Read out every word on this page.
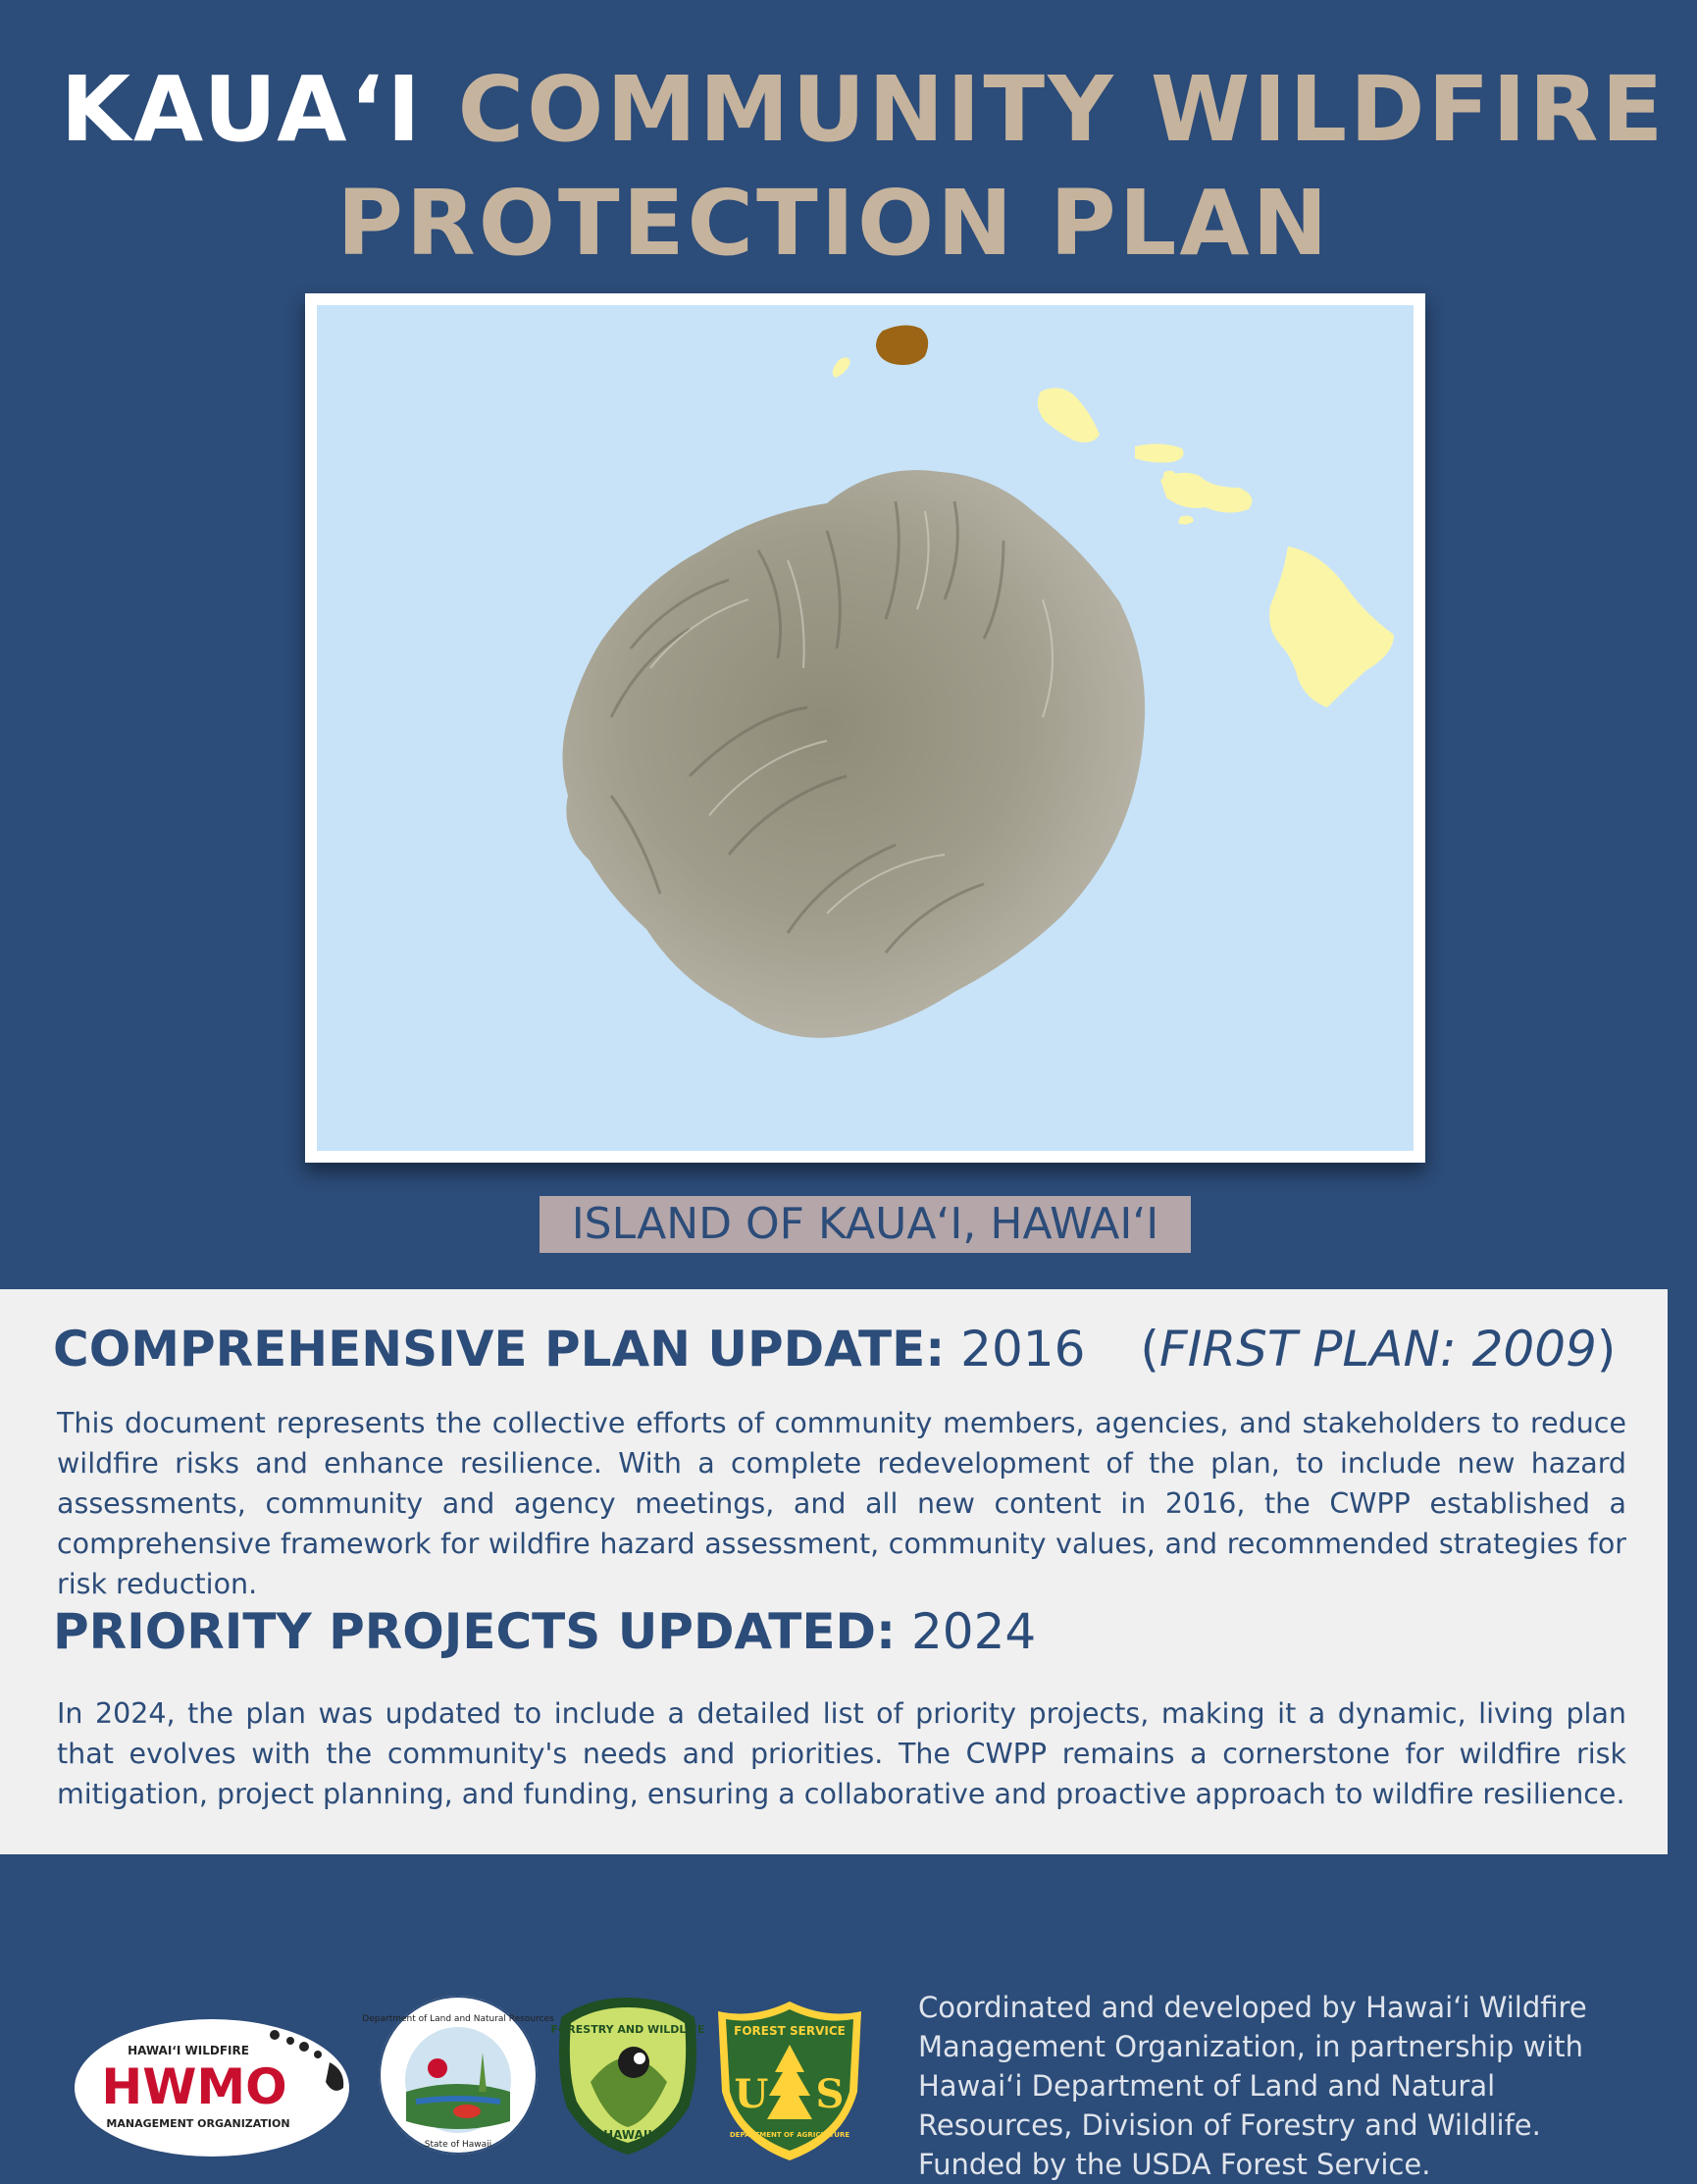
KAUAʻI COMMUNITY WILDFIRE
PROTECTION PLAN
ISLAND OF KAUAʻI, HAWAIʻI
COMPREHENSIVE PLAN UPDATE: 2016 (FIRST PLAN: 2009)

This document represents the collective efforts of community members, agencies, and stakeholders to reduce wildfire risks and enhance resilience. With a complete redevelopment of the plan, to include new hazard assessments, community and agency meetings, and all new content in 2016, the CWPP established a comprehensive framework for wildfire hazard assessment, community values, and recommended strategies for risk reduction.

PRIORITY PROJECTS UPDATED: 2024

In 2024, the plan was updated to include a detailed list of priority projects, making it a dynamic, living plan that evolves with the community's needs and priorities. The CWPP remains a cornerstone for wildfire risk mitigation, project planning, and funding, ensuring a collaborative and proactive approach to wildfire resilience.

HAWAIʻI WILDFIRE
HWMO
MANAGEMENT ORGANIZATION
Department of Land and Natural Resources
State of Hawaii
FORESTRY AND WILDLIFE
HAWAII
FOREST SERVICE
U S
DEPARTMENT OF AGRICULTURE
Coordinated and developed by Hawaiʻi Wildfire
Management Organization, in partnership with
Hawaiʻi Department of Land and Natural
Resources, Division of Forestry and Wildlife.
Funded by the USDA Forest Service.
